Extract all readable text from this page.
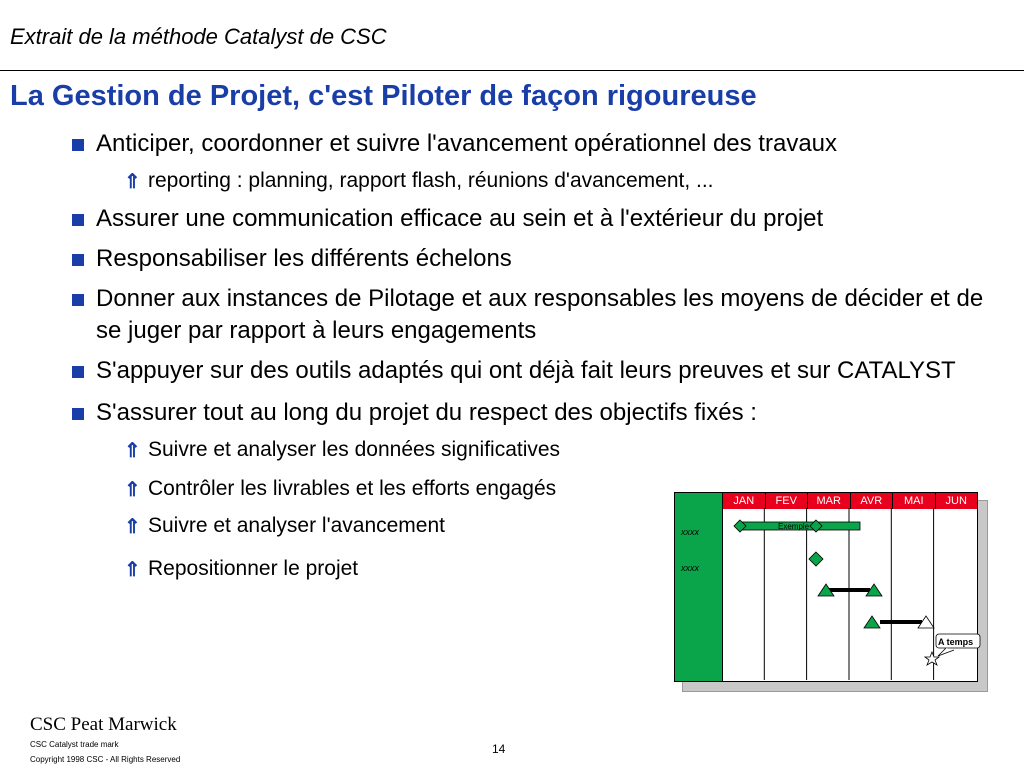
Extrait de la méthode Catalyst de CSC
La Gestion de Projet, c'est Piloter de façon rigoureuse
Anticiper, coordonner et suivre l'avancement opérationnel des travaux
⇑ reporting : planning, rapport flash, réunions d'avancement, ...
Assurer une communication efficace au sein et à l'extérieur du projet
Responsabiliser les différents échelons
Donner aux instances de Pilotage et aux responsables les moyens de décider et de se juger par rapport à leurs engagements
S'appuyer sur des outils adaptés qui ont déjà fait leurs preuves et sur CATALYST
S'assurer tout au long du projet du respect des objectifs fixés :
⇑ Suivre et analyser les données significatives
⇑ Contrôler les livrables et les efforts engagés
⇑ Suivre et analyser l'avancement
⇑ Repositionner le projet
xxxx
xxxx
JAN	FEV	MAR	AVR	MAI	JUN
Exemple
A temps
CSC Peat Marwick
CSC Catalyst trade mark
Copyright 1998 CSC - All Rights Reserved
14
